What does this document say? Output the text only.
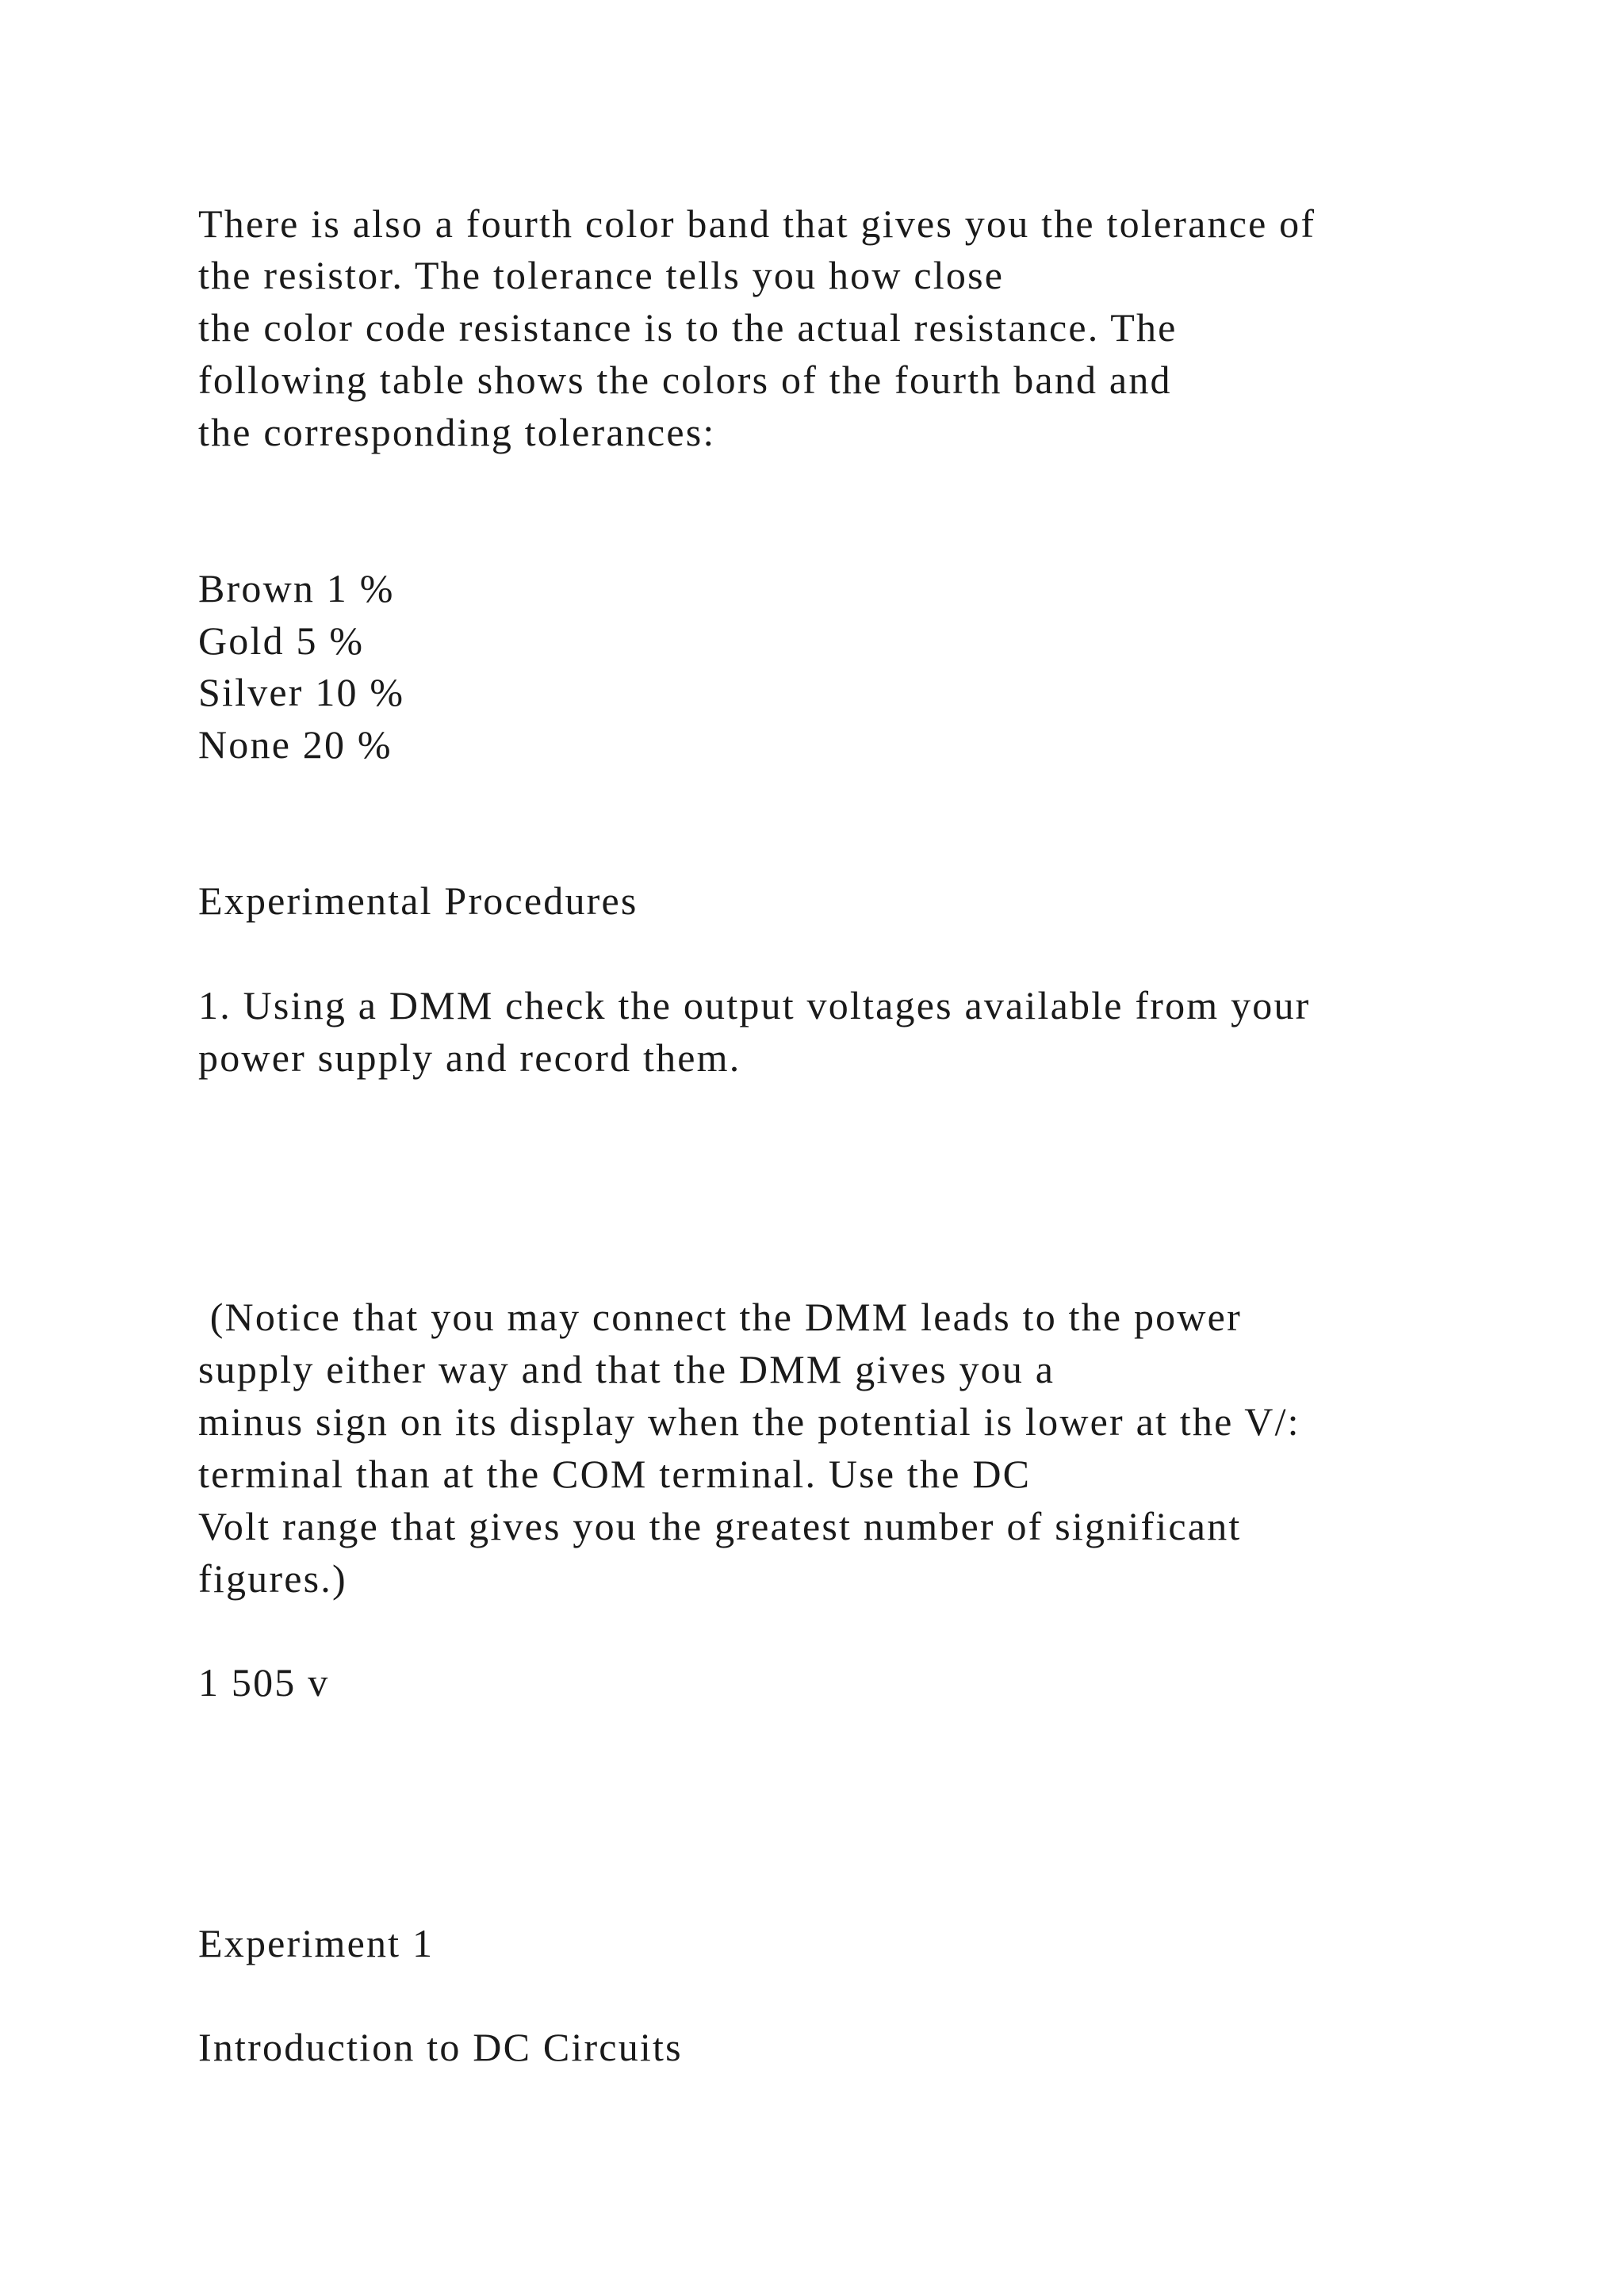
There is also a fourth color band that gives you the tolerance of

the resistor. The tolerance tells you how close

the color code resistance is to the actual resistance. The

following table shows the colors of the fourth band and

the corresponding tolerances:

Brown 1 %

Gold 5 %

Silver 10 %

None 20 %

Experimental Procedures

1. Using a DMM check the output voltages available from your

power supply and record them.

(Notice that you may connect the DMM leads to the power

supply either way and that the DMM gives you a

minus sign on its display when the potential is lower at the V/:

terminal than at the COM terminal. Use the DC

Volt range that gives you the greatest number of significant

figures.)

1 505 v

Experiment 1

Introduction to DC Circuits
